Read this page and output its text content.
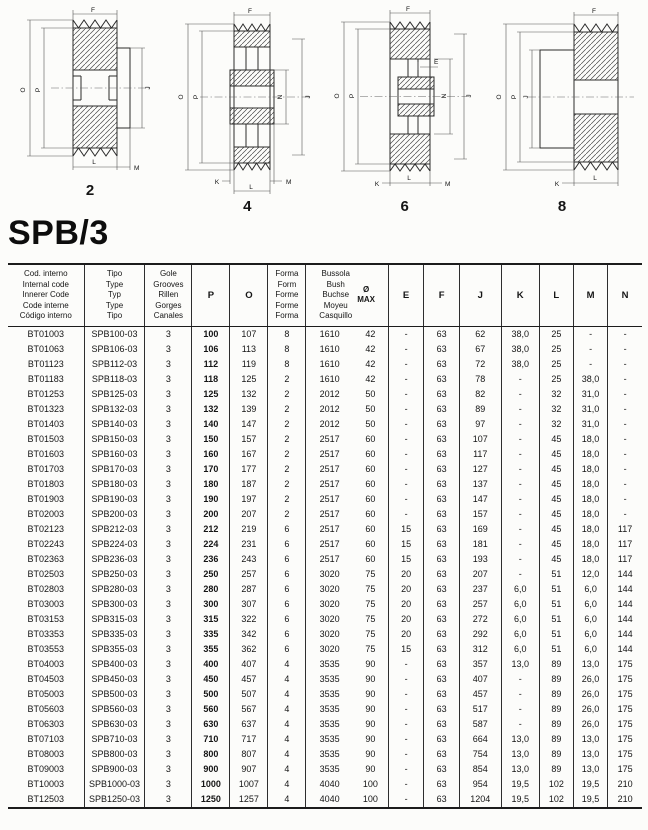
F
O P	J
L
M
2
F
O P	N	J
K	M
L
4
E
F
O P	N	J
K
L
M
6
F
O P J
K
L
8
SPB/3
Cod. interno
Internal code
Innerer Code
Code interne
Código interno

Tipo
Type
Typ
Type
Tipo

Gole
Grooves
Rillen
Gorges
Canales
	P	O	
Forma
Form
Forme
Forme
Forma

Bussola
Bush
Buchse
Moyeu
Casquillo
Ø
MAX	E	F	J	K	L	M	N
BT01003	SPB100-03	3	100	107	8	1610	42	-	63	62	38,0	25	-	-
BT01063	SPB106-03	3	106	113	8	1610	42	-	63	67	38,0	25	-	-
BT01123	SPB112-03	3	112	119	8	1610	42	-	63	72	38,0	25	-	-
BT01183	SPB118-03	3	118	125	2	1610	42	-	63	78	-	25	38,0	-
BT01253	SPB125-03	3	125	132	2	2012	50	-	63	82	-	32	31,0	-
BT01323	SPB132-03	3	132	139	2	2012	50	-	63	89	-	32	31,0	-
BT01403	SPB140-03	3	140	147	2	2012	50	-	63	97	-	32	31,0	-
BT01503	SPB150-03	3	150	157	2	2517	60	-	63	107	-	45	18,0	-
BT01603	SPB160-03	3	160	167	2	2517	60	-	63	117	-	45	18,0	-
BT01703	SPB170-03	3	170	177	2	2517	60	-	63	127	-	45	18,0	-
BT01803	SPB180-03	3	180	187	2	2517	60	-	63	137	-	45	18,0	-
BT01903	SPB190-03	3	190	197	2	2517	60	-	63	147	-	45	18,0	-
BT02003	SPB200-03	3	200	207	2	2517	60	-	63	157	-	45	18,0	-
BT02123	SPB212-03	3	212	219	6	2517	60	15	63	169	-	45	18,0	117
BT02243	SPB224-03	3	224	231	6	2517	60	15	63	181	-	45	18,0	117
BT02363	SPB236-03	3	236	243	6	2517	60	15	63	193	-	45	18,0	117
BT02503	SPB250-03	3	250	257	6	3020	75	20	63	207	-	51	12,0	144
BT02803	SPB280-03	3	280	287	6	3020	75	20	63	237	6,0	51	6,0	144
BT03003	SPB300-03	3	300	307	6	3020	75	20	63	257	6,0	51	6,0	144
BT03153	SPB315-03	3	315	322	6	3020	75	20	63	272	6,0	51	6,0	144
BT03353	SPB335-03	3	335	342	6	3020	75	20	63	292	6,0	51	6,0	144
BT03553	SPB355-03	3	355	362	6	3020	75	15	63	312	6,0	51	6,0	144
BT04003	SPB400-03	3	400	407	4	3535	90	-	63	357	13,0	89	13,0	175
BT04503	SPB450-03	3	450	457	4	3535	90	-	63	407	-	89	26,0	175
BT05003	SPB500-03	3	500	507	4	3535	90	-	63	457	-	89	26,0	175
BT05603	SPB560-03	3	560	567	4	3535	90	-	63	517	-	89	26,0	175
BT06303	SPB630-03	3	630	637	4	3535	90	-	63	587	-	89	26,0	175
BT07103	SPB710-03	3	710	717	4	3535	90	-	63	664	13,0	89	13,0	175
BT08003	SPB800-03	3	800	807	4	3535	90	-	63	754	13,0	89	13,0	175
BT09003	SPB900-03	3	900	907	4	3535	90	-	63	854	13,0	89	13,0	175
BT10003	SPB1000-03	3	1000	1007	4	4040	100	-	63	954	19,5	102	19,5	210
BT12503	SPB1250-03	3	1250	1257	4	4040	100	-	63	1204	19,5	102	19,5	210
